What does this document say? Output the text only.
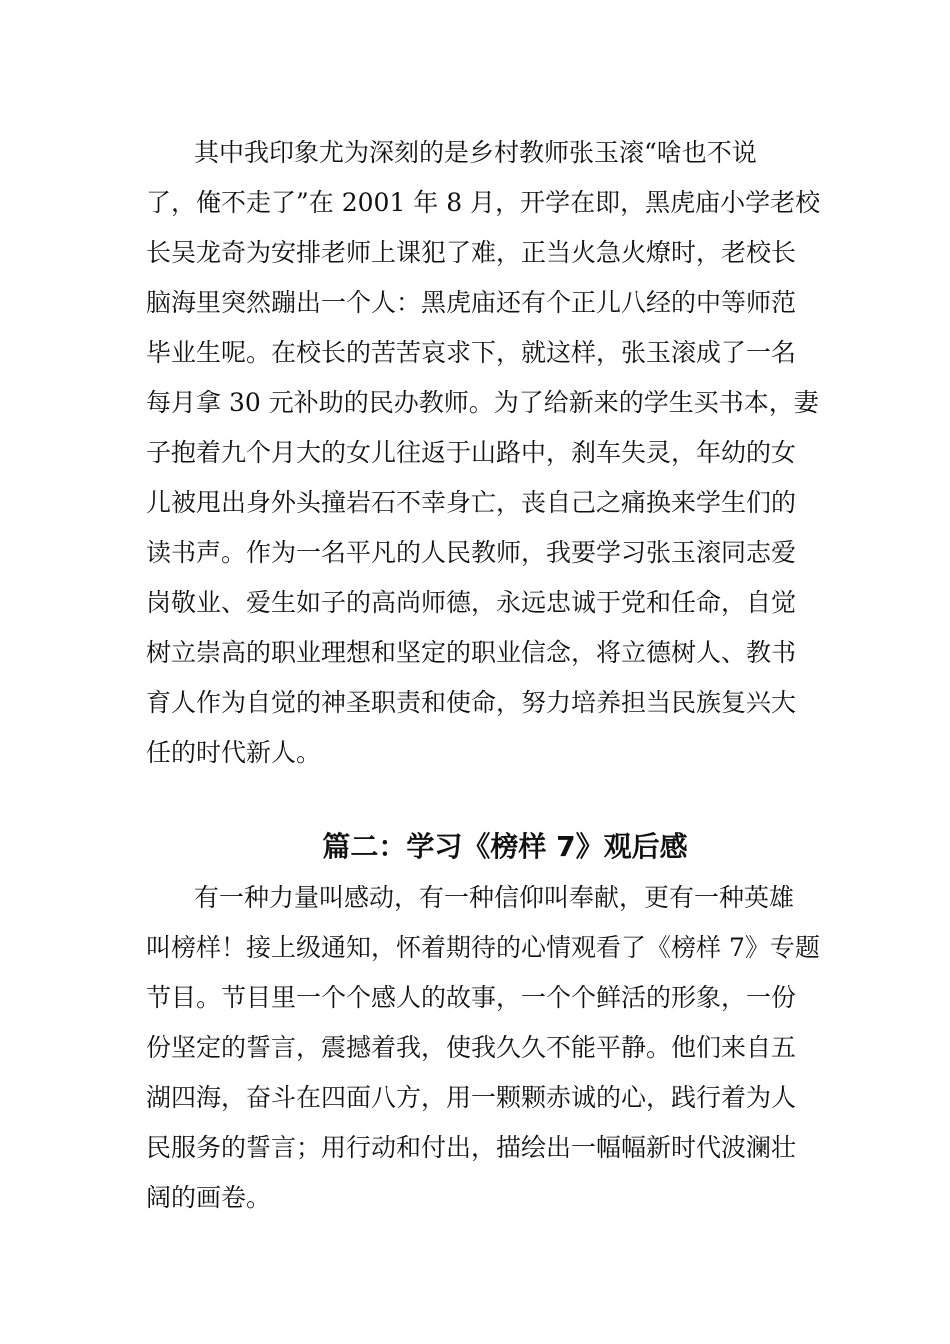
其中我印象尤为深刻的是乡村教师张玉滚“啥也不说
了，俺不走了”在 2001 年 8 月，开学在即，黑虎庙小学老校
长吴龙奇为安排老师上课犯了难，正当火急火燎时，老校长
脑海里突然蹦出一个人：黑虎庙还有个正儿八经的中等师范
毕业生呢。在校长的苦苦哀求下，就这样，张玉滚成了一名
每月拿 30 元补助的民办教师。为了给新来的学生买书本，妻
子抱着九个月大的女儿往返于山路中，刹车失灵，年幼的女
儿被甩出身外头撞岩石不幸身亡，丧自己之痛换来学生们的
读书声。作为一名平凡的人民教师，我要学习张玉滚同志爱
岗敬业、爱生如子的高尚师德，永远忠诚于党和任命，自觉
树立崇高的职业理想和坚定的职业信念，将立德树人、教书
育人作为自觉的神圣职责和使命，努力培养担当民族复兴大
任的时代新人。
篇二：学习《榜样 7》观后感
有一种力量叫感动，有一种信仰叫奉献，更有一种英雄
叫榜样！接上级通知，怀着期待的心情观看了《榜样 7》专题
节目。节目里一个个感人的故事，一个个鲜活的形象，一份
份坚定的誓言，震撼着我，使我久久不能平静。他们来自五
湖四海，奋斗在四面八方，用一颗颗赤诚的心，践行着为人
民服务的誓言；用行动和付出，描绘出一幅幅新时代波澜壮
阔的画卷。
